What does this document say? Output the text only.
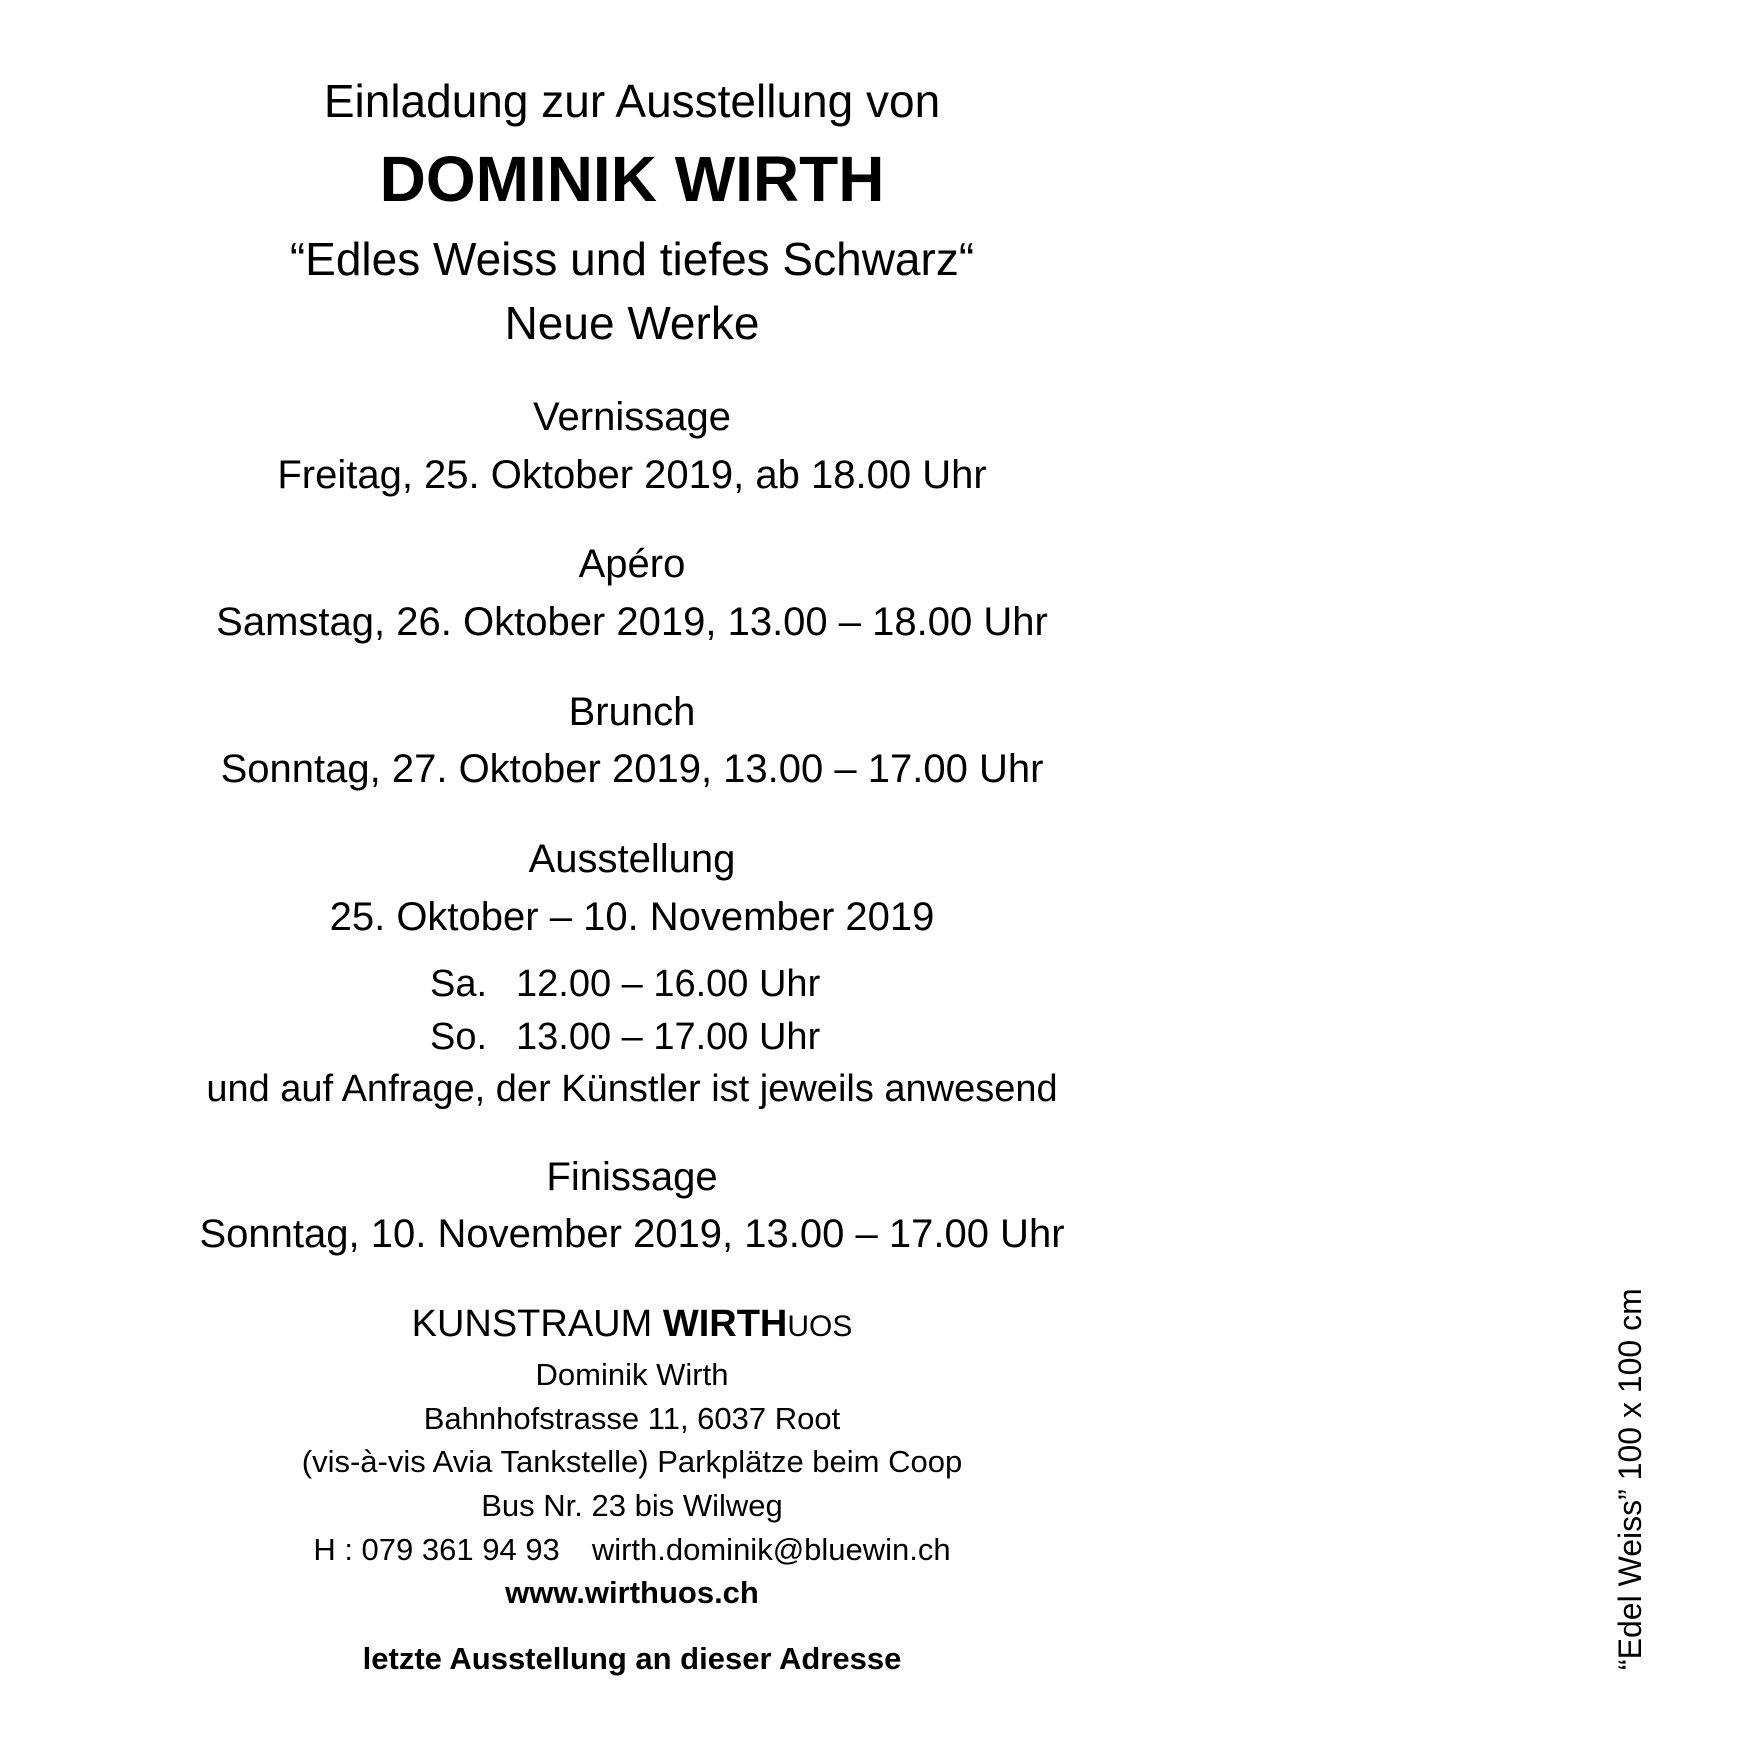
Einladung zur Ausstellung von
DOMINIK WIRTH
“Edles Weiss und tiefes Schwarz“
Neue Werke
Vernissage
Freitag, 25. Oktober 2019, ab 18.00 Uhr
Apéro
Samstag, 26. Oktober 2019, 13.00 – 18.00 Uhr
Brunch
Sonntag, 27. Oktober 2019, 13.00 – 17.00 Uhr
Ausstellung
25. Oktober – 10. November 2019
Sa. 12.00 – 16.00 Uhr
So. 13.00 – 17.00 Uhr
und auf Anfrage, der Künstler ist jeweils anwesend
Finissage
Sonntag, 10. November 2019, 13.00 – 17.00 Uhr
KUNSTRAUM WIRTHUOS
Dominik Wirth
Bahnhofstrasse 11, 6037 Root
(vis-à-vis Avia Tankstelle) Parkplätze beim Coop
Bus Nr. 23 bis Wilweg
H : 079 361 94 93 wirth.dominik@bluewin.ch
www.wirthuos.ch
letzte Ausstellung an dieser Adresse	“Edel Weiss” 100 x 100 cm
